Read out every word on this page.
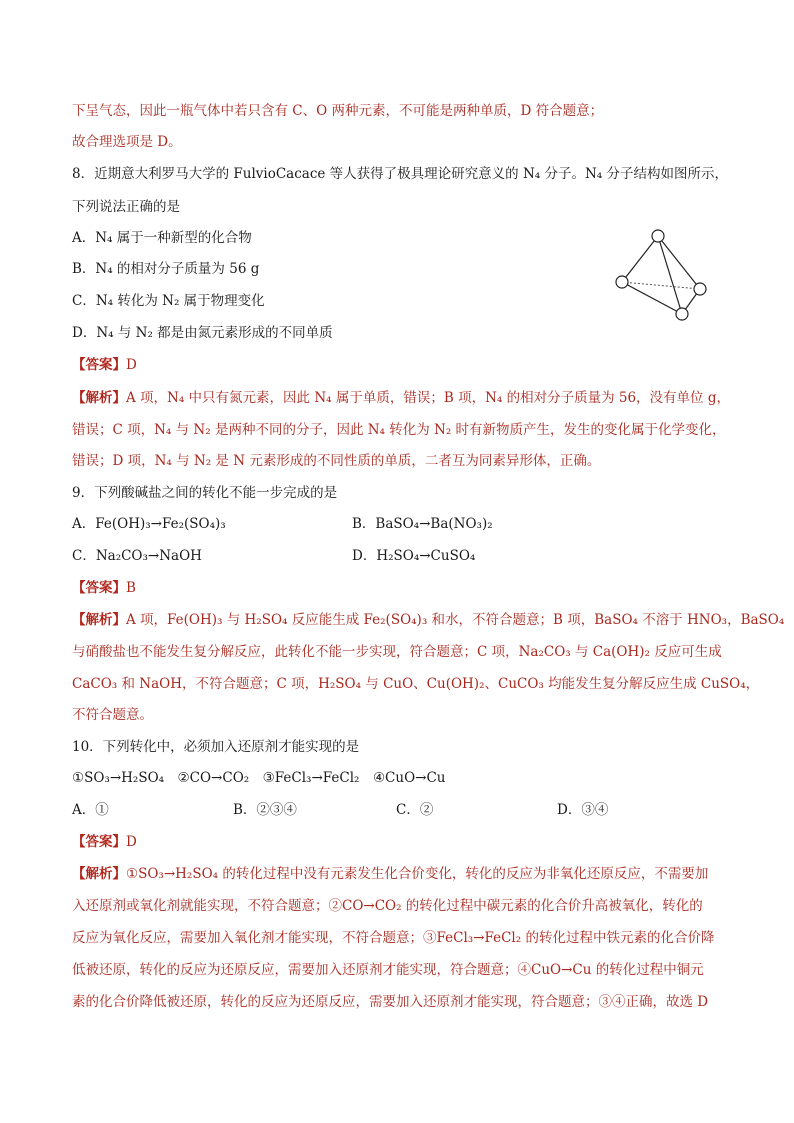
下呈气态，因此一瓶气体中若只含有 C、O 两种元素，不可能是两种单质，D 符合题意；
故合理选项是 D。
8．近期意大利罗马大学的 FulvioCacace 等人获得了极具理论研究意义的 N₄ 分子。N₄ 分子结构如图所示，
下列说法正确的是
A．N₄ 属于一种新型的化合物
B．N₄ 的相对分子质量为 56 g
C．N₄ 转化为 N₂ 属于物理变化
D．N₄ 与 N₂ 都是由氮元素形成的不同单质
【答案】D
【解析】A 项，N₄ 中只有氮元素，因此 N₄ 属于单质，错误；B 项，N₄ 的相对分子质量为 56，没有单位 g，
错误；C 项，N₄ 与 N₂ 是两种不同的分子，因此 N₄ 转化为 N₂ 时有新物质产生，发生的变化属于化学变化，
错误；D 项，N₄ 与 N₂ 是 N 元素形成的不同性质的单质，二者互为同素异形体，正确。
9．下列酸碱盐之间的转化不能一步完成的是
A．Fe(OH)₃→Fe₂(SO₄)₃	B．BaSO₄→Ba(NO₃)₂
C．Na₂CO₃→NaOH	D．H₂SO₄→CuSO₄
【答案】B
【解析】A 项，Fe(OH)₃ 与 H₂SO₄ 反应能生成 Fe₂(SO₄)₃ 和水，不符合题意；B 项，BaSO₄ 不溶于 HNO₃，BaSO₄
与硝酸盐也不能发生复分解反应，此转化不能一步实现，符合题意；C 项，Na₂CO₃ 与 Ca(OH)₂ 反应可生成
CaCO₃ 和 NaOH，不符合题意；C 项，H₂SO₄ 与 CuO、Cu(OH)₂、CuCO₃ 均能发生复分解反应生成 CuSO₄，
不符合题意。
10．下列转化中，必须加入还原剂才能实现的是
①SO₃→H₂SO₄　②CO→CO₂　③FeCl₃→FeCl₂　④CuO→Cu
A．①	B．②③④	C．②	D．③④
【答案】D
【解析】①SO₃→H₂SO₄ 的转化过程中没有元素发生化合价变化，转化的反应为非氧化还原反应，不需要加
入还原剂或氧化剂就能实现，不符合题意；②CO→CO₂ 的转化过程中碳元素的化合价升高被氧化，转化的
反应为氧化反应，需要加入氧化剂才能实现，不符合题意；③FeCl₃→FeCl₂ 的转化过程中铁元素的化合价降
低被还原，转化的反应为还原反应，需要加入还原剂才能实现，符合题意；④CuO→Cu 的转化过程中铜元
素的化合价降低被还原，转化的反应为还原反应，需要加入还原剂才能实现，符合题意；③④正确，故选 D
